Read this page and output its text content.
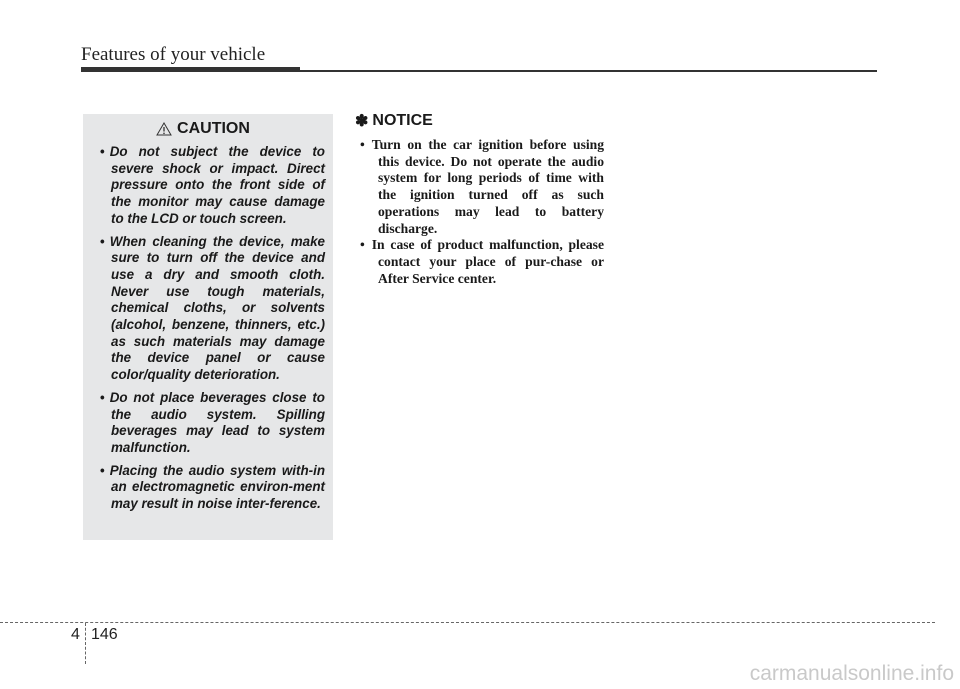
Features of your vehicle
CAUTION
• Do not subject the device to severe shock or impact. Direct pressure onto the front side of the monitor may cause damage to the LCD or touch screen.
• When cleaning the device, make sure to turn off the device and use a dry and smooth cloth. Never use tough materials, chemical cloths, or solvents (alcohol, benzene, thinners, etc.) as such materials may damage the device panel or cause color/quality deterioration.
• Do not place beverages close to the audio system. Spilling beverages may lead to system malfunction.
• Placing the audio system with-in an electromagnetic environ-ment may result in noise inter-ference.
✽ NOTICE
• Turn on the car ignition before using this device. Do not operate the audio system for long periods of time with the ignition turned off as such operations may lead to battery discharge.
• In case of product malfunction, please contact your place of pur-chase or After Service center.
4 146
carmanualsonline.info
